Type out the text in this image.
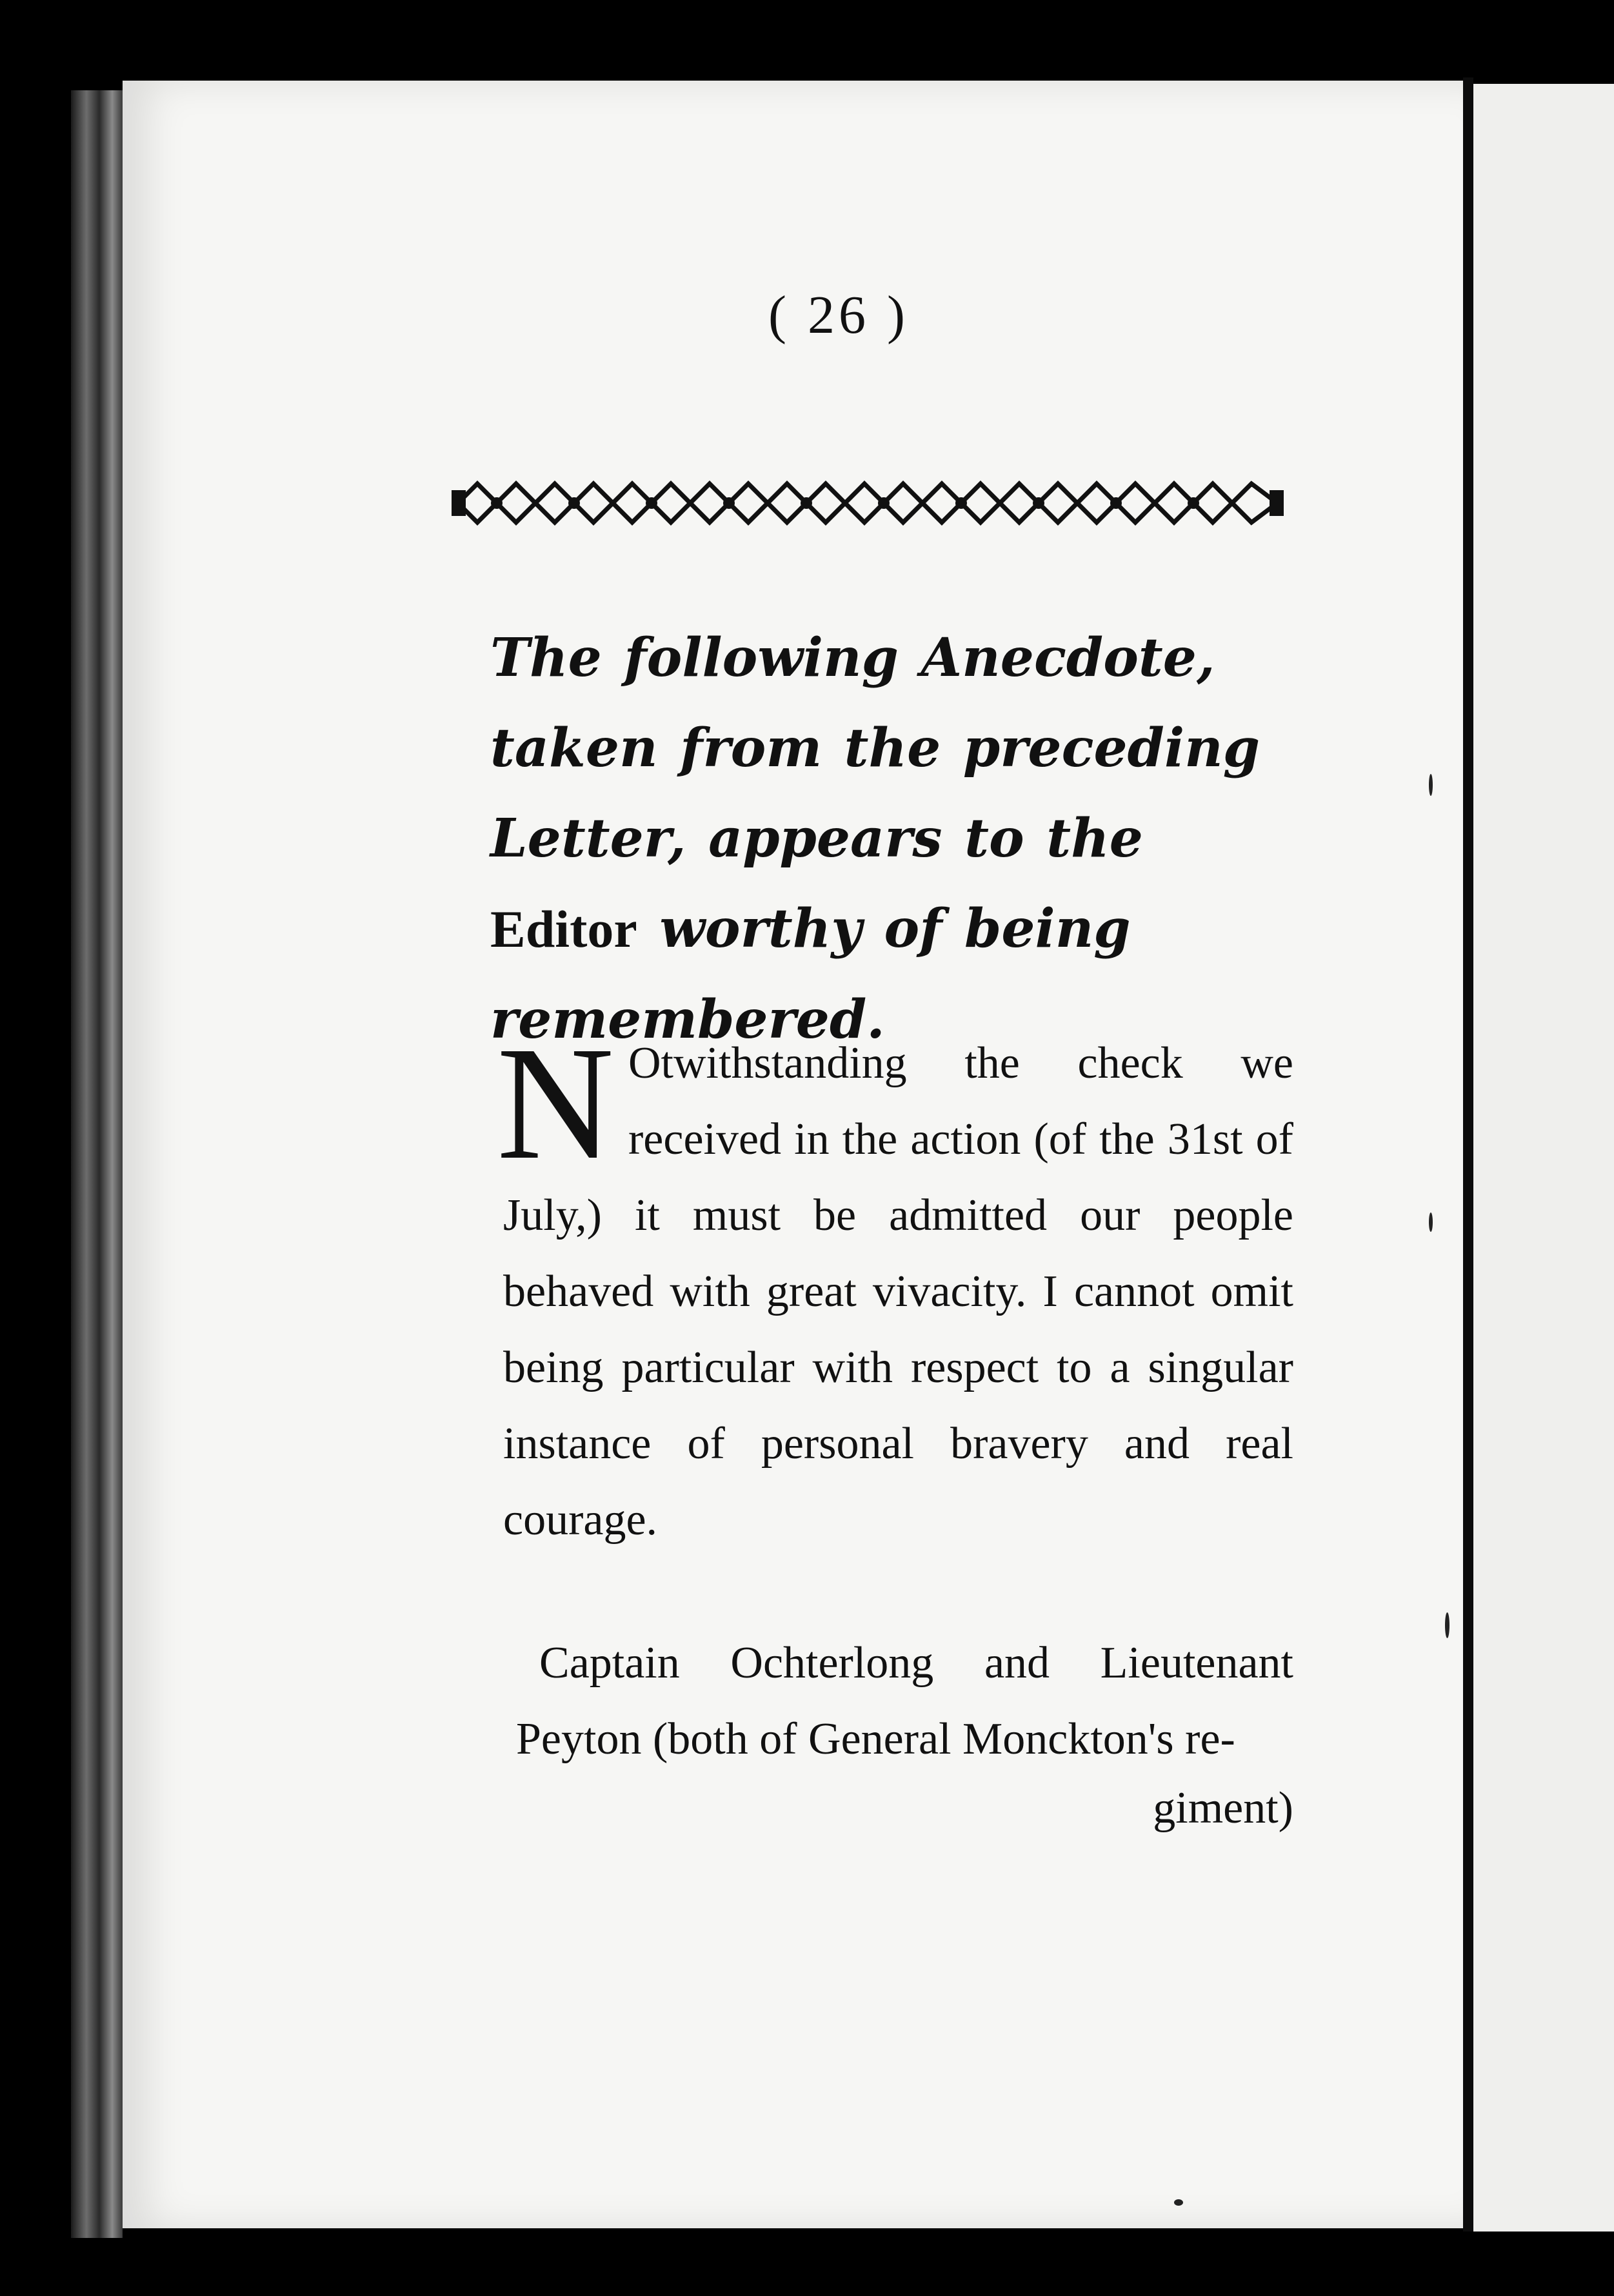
( 26 )
The following Anecdote, taken from the preceding Letter, appears to the Editor worthy of being remembered.
N Otwithstanding the check we received in the action (of the 31st of July,) it must be admitted our people behaved with great vivacity. I cannot omit being particular with respect to a singular instance of personal bravery and real courage.
Captain Ochterlong and Lieutenant Peyton (both of General Monckton's re-
giment)
